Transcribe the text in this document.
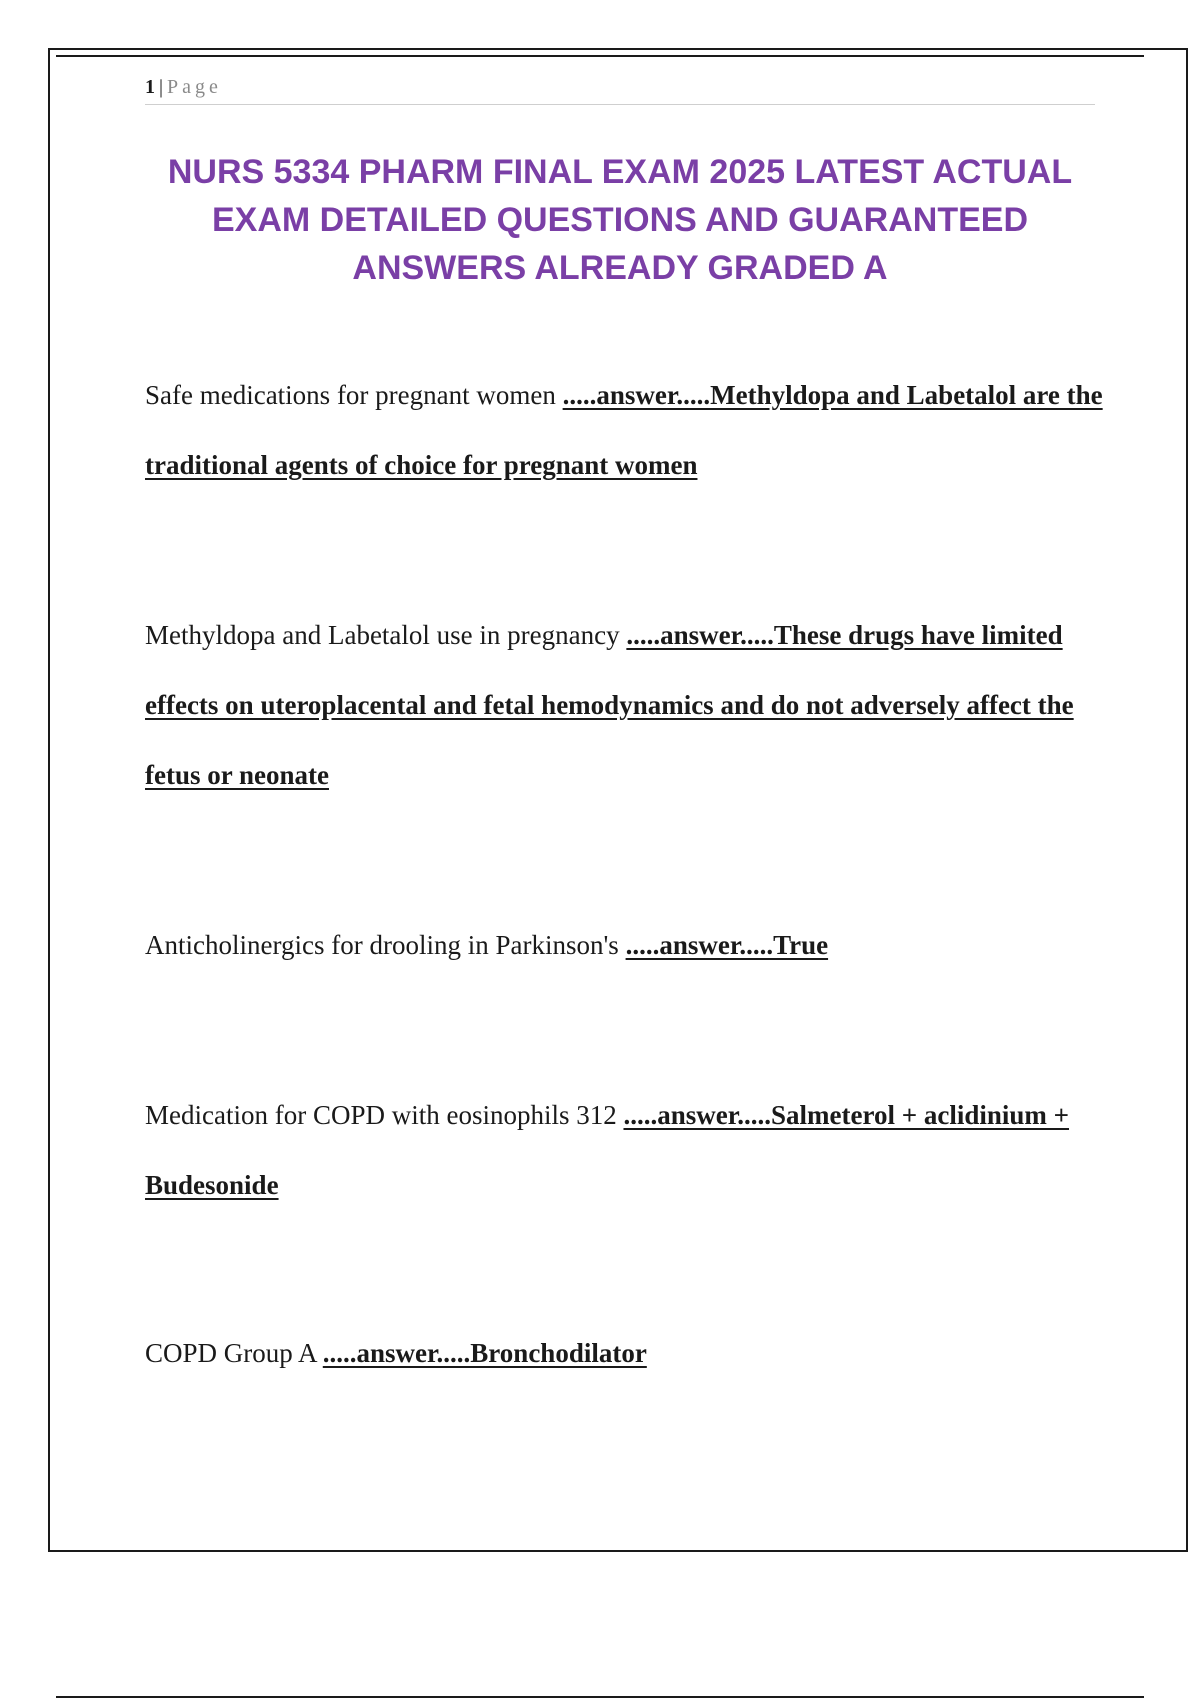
1 | Page
NURS 5334 PHARM FINAL EXAM 2025 LATEST ACTUAL EXAM DETAILED QUESTIONS AND GUARANTEED ANSWERS ALREADY GRADED A

Safe medications for pregnant women .....answer.....Methyldopa and Labetalol are the traditional agents of choice for pregnant women

Methyldopa and Labetalol use in pregnancy .....answer.....These drugs have limited effects on uteroplacental and fetal hemodynamics and do not adversely affect the fetus or neonate

Anticholinergics for drooling in Parkinson's .....answer.....True

Medication for COPD with eosinophils 312 .....answer.....Salmeterol + aclidinium + Budesonide

COPD Group A .....answer.....Bronchodilator
